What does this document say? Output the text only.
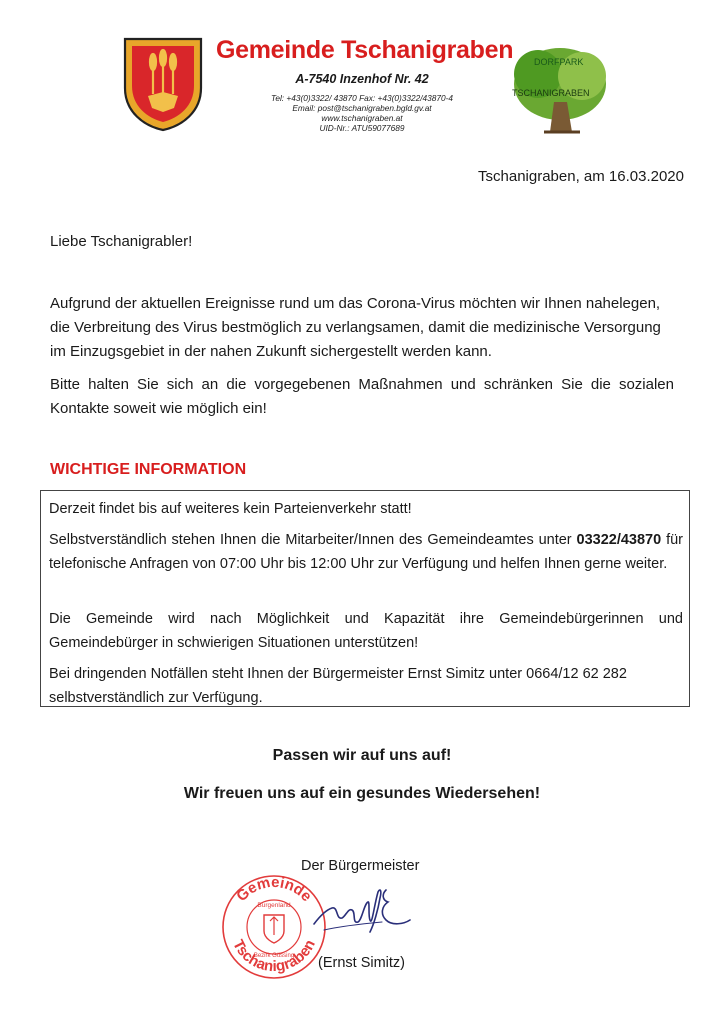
Gemeinde Tschanigraben
A-7540 Inzenhof Nr. 42
Tel: +43(0)3322/ 43870 Fax: +43(0)3322/43870-4
Email: post@tschanigraben.bgld.gv.at
www.tschanigraben.at
UID-Nr.: ATU59077689
DORFPARK
TSCHANIGRABEN
Tschanigraben, am 16.03.2020
Liebe Tschanigrabler!
Aufgrund der aktuellen Ereignisse rund um das Corona-Virus möchten wir Ihnen nahelegen, die Verbreitung des Virus bestmöglich zu verlangsamen, damit die medizinische Versorgung im Einzugsgebiet in der nahen Zukunft sichergestellt werden kann.
Bitte halten Sie sich an die vorgegebenen Maßnahmen und schränken Sie die sozialen Kontakte soweit wie möglich ein!
WICHTIGE INFORMATION
Derzeit findet bis auf weiteres kein Parteienverkehr statt!
Selbstverständlich stehen Ihnen die Mitarbeiter/Innen des Gemeindeamtes unter 03322/43870 für telefonische Anfragen von 07:00 Uhr bis 12:00 Uhr zur Verfügung und helfen Ihnen gerne weiter.
Die Gemeinde wird nach Möglichkeit und Kapazität ihre Gemeindebürgerinnen und Gemeindebürger in schwierigen Situationen unterstützen!
Bei dringenden Notfällen steht Ihnen der Bürgermeister Ernst Simitz unter 0664/12 62 282 selbstverständlich zur Verfügung.
Passen wir auf uns auf!
Wir freuen uns auf ein gesundes Wiedersehen!
Der Bürgermeister
Gemeinde
Burgenland
Bezirk Güssing
Tschanigraben
(Ernst Simitz)
